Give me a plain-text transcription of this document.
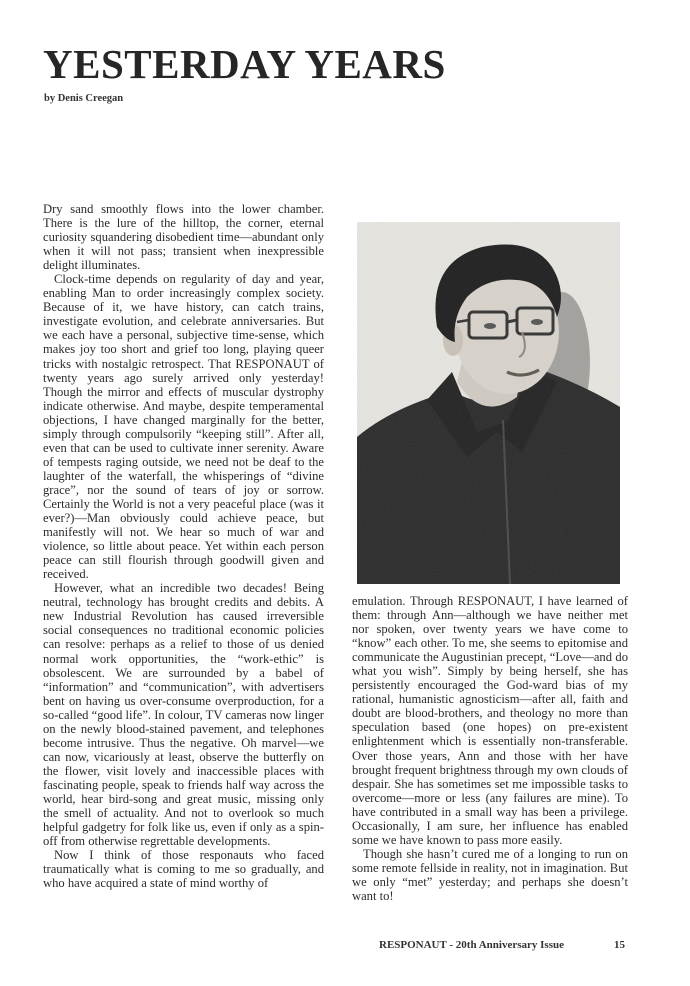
YESTERDAY YEARS
by Denis Creegan

Dry sand smoothly flows into the lower chamber. There is the lure of the hilltop, the corner, eternal curiosity squandering disobedient time—abundant only when it will not pass; transient when inexpressible delight illuminates.

Clock-time depends on regularity of day and year, enabling Man to order increasingly complex society. Because of it, we have history, can catch trains, investigate evolution, and celebrate anniversaries. But we each have a personal, subjective time-sense, which makes joy too short and grief too long, playing queer tricks with nostalgic retrospect. That RESPONAUT of twenty years ago surely arrived only yesterday! Though the mirror and effects of muscular dystrophy indicate otherwise. And maybe, despite temperamental objections, I have changed marginally for the better, simply through compulsorily “keeping still”. After all, even that can be used to cultivate inner serenity. Aware of tempests raging outside, we need not be deaf to the laughter of the waterfall, the whisperings of “divine grace”, nor the sound of tears of joy or sorrow. Certainly the World is not a very peaceful place (was it ever?)—Man obviously could achieve peace, but manifestly will not. We hear so much of war and violence, so little about peace. Yet within each person peace can still flourish through goodwill given and received.

However, what an incredible two decades! Being neutral, technology has brought credits and debits. A new Industrial Revolution has caused irreversible social consequences no traditional economic policies can resolve: perhaps as a relief to those of us denied normal work opportunities, the “work-ethic” is obsolescent. We are surrounded by a babel of “information” and “communication”, with advertisers bent on having us over-consume overproduction, for a so-called “good life”. In colour, TV cameras now linger on the newly blood-stained pavement, and telephones become intrusive. Thus the negative. Oh marvel—we can now, vicariously at least, observe the butterfly on the flower, visit lovely and inaccessible places with fascinating people, speak to friends half way across the world, hear bird-song and great music, missing only the smell of actuality. And not to overlook so much helpful gadgetry for folk like us, even if only as a spin-off from otherwise regrettable developments.

Now I think of those responauts who faced traumatically what is coming to me so gradually, and who have acquired a state of mind worthy of

emulation. Through RESPONAUT, I have learned of them: through Ann—although we have neither met nor spoken, over twenty years we have come to “know” each other. To me, she seems to epitomise and communicate the Augustinian precept, “Love—and do what you wish”. Simply by being herself, she has persistently encouraged the God-ward bias of my rational, humanistic agnosticism—after all, faith and doubt are blood-brothers, and theology no more than speculation based (one hopes) on pre-existent enlightenment which is essentially non-transferable. Over those years, Ann and those with her have brought frequent brightness through my own clouds of despair. She has sometimes set me impossible tasks to overcome—more or less (any failures are mine). To have contributed in a small way has been a privilege. Occasionally, I am sure, her influence has enabled some we have known to pass more easily.

Though she hasn’t cured me of a longing to run on some remote fellside in reality, not in imagination. But we only “met” yesterday; and perhaps she doesn’t want to!

RESPONAUT - 20th Anniversary Issue	15
